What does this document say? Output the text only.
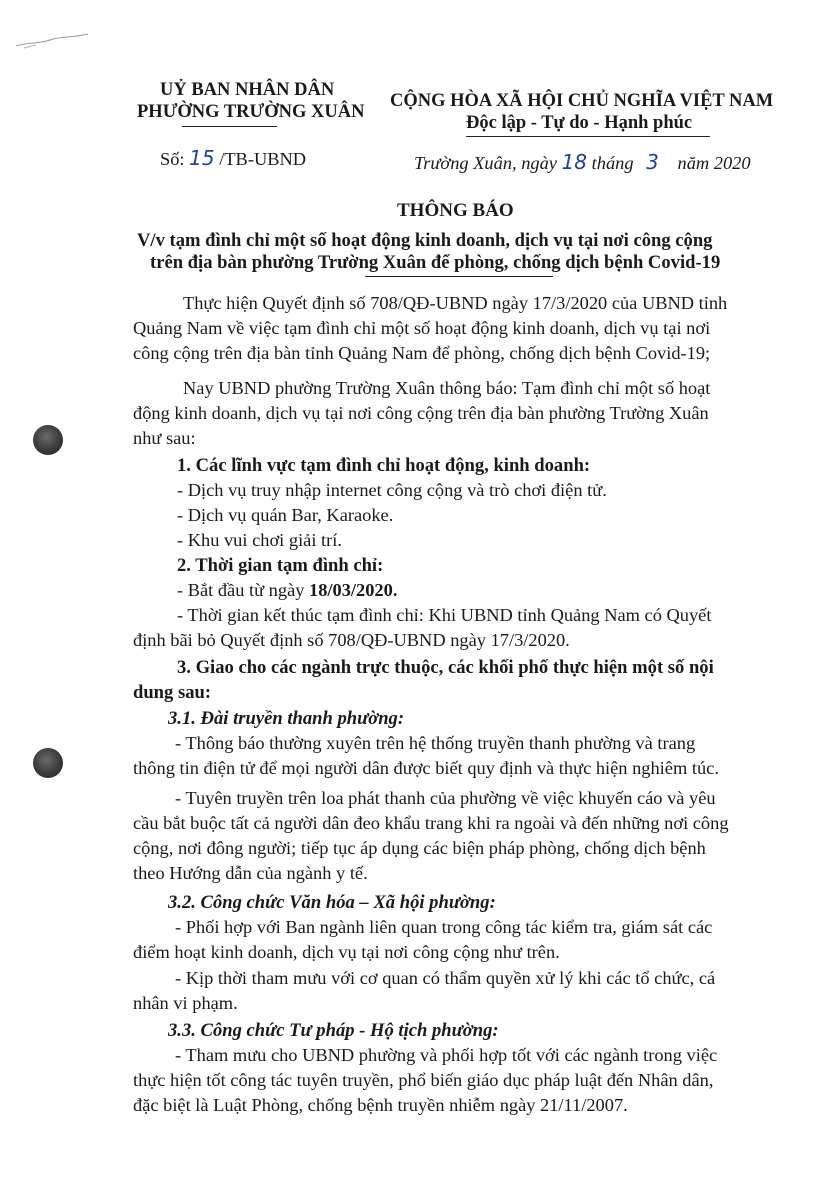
UỶ BAN NHÂN DÂN
PHƯỜNG TRƯỜNG XUÂN
CỘNG HÒA XÃ HỘI CHỦ NGHĨA VIỆT NAM
Độc lập - Tự do - Hạnh phúc
Số: 15 /TB-UBND	Trường Xuân, ngày 18 tháng 3 năm 2020
THÔNG BÁO
V/v tạm đình chỉ một số hoạt động kinh doanh, dịch vụ tại nơi công cộng
trên địa bàn phường Trường Xuân để phòng, chống dịch bệnh Covid-19
Thực hiện Quyết định số 708/QĐ-UBND ngày 17/3/2020 của UBND tỉnh
Quảng Nam về việc tạm đình chỉ một số hoạt động kinh doanh, dịch vụ tại nơi
công cộng trên địa bàn tỉnh Quảng Nam để phòng, chống dịch bệnh Covid-19;
Nay UBND phường Trường Xuân thông báo: Tạm đình chỉ một số hoạt
động kinh doanh, dịch vụ tại nơi công cộng trên địa bàn phường Trường Xuân
như sau:
1. Các lĩnh vực tạm đình chỉ hoạt động, kinh doanh:
- Dịch vụ truy nhập internet công cộng và trò chơi điện tử.
- Dịch vụ quán Bar, Karaoke.
- Khu vui chơi giải trí.
2. Thời gian tạm đình chỉ:
- Bắt đầu từ ngày 18/03/2020.
- Thời gian kết thúc tạm đình chỉ: Khi UBND tỉnh Quảng Nam có Quyết
định bãi bỏ Quyết định số 708/QĐ-UBND ngày 17/3/2020.
3. Giao cho các ngành trực thuộc, các khối phố thực hiện một số nội
dung sau:
3.1. Đài truyền thanh phường:
- Thông báo thường xuyên trên hệ thống truyền thanh phường và trang
thông tin điện tử để mọi người dân được biết quy định và thực hiện nghiêm túc.
- Tuyên truyền trên loa phát thanh của phường về việc khuyến cáo và yêu
cầu bắt buộc tất cả người dân đeo khẩu trang khi ra ngoài và đến những nơi công
cộng, nơi đông người; tiếp tục áp dụng các biện pháp phòng, chống dịch bệnh
theo Hướng dẫn của ngành y tế.
3.2. Công chức Văn hóa – Xã hội phường:
- Phối hợp với Ban ngành liên quan trong công tác kiểm tra, giám sát các
điểm hoạt kinh doanh, dịch vụ tại nơi công cộng như trên.
- Kịp thời tham mưu với cơ quan có thẩm quyền xử lý khi các tổ chức, cá
nhân vi phạm.
3.3. Công chức Tư pháp - Hộ tịch phường:
- Tham mưu cho UBND phường và phối hợp tốt với các ngành trong việc
thực hiện tốt công tác tuyên truyền, phổ biến giáo dục pháp luật đến Nhân dân,
đặc biệt là Luật Phòng, chống bệnh truyền nhiễm ngày 21/11/2007.
